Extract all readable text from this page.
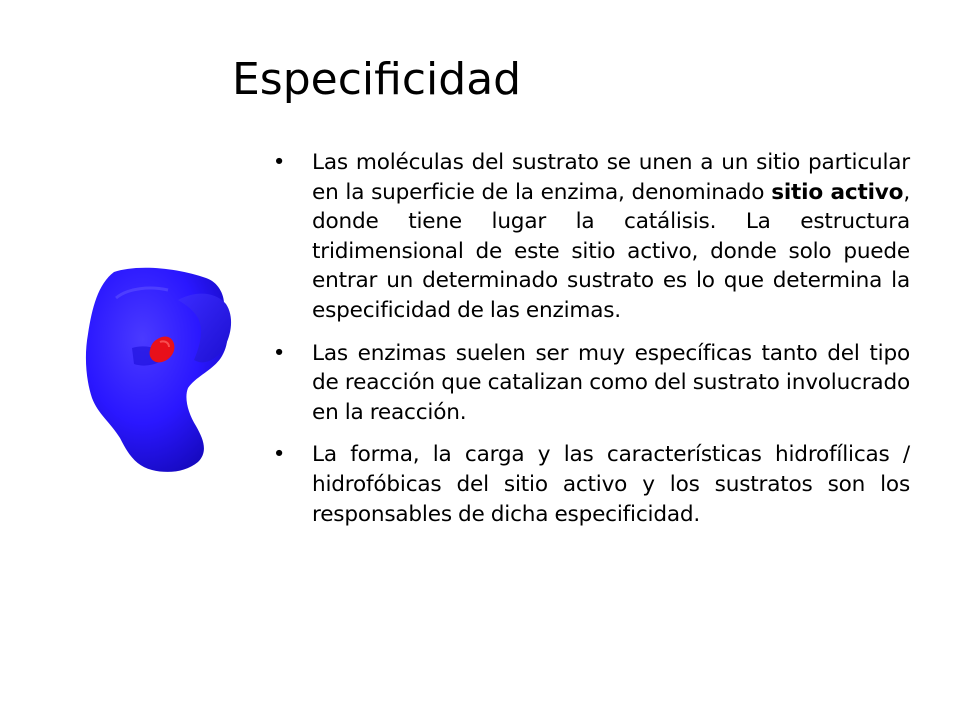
Especificidad
• Las moléculas del sustrato se unen a un sitio particular en la superficie de la enzima, denominado sitio activo, donde tiene lugar la catálisis. La estructura tridimensional de este sitio activo, donde solo puede entrar un determinado sustrato es lo que determina la especificidad de las enzimas.
• Las enzimas suelen ser muy específicas tanto del tipo de reacción que catalizan como del sustrato involucrado en la reacción.
• La forma, la carga y las características hidrofílicas / hidrofóbicas del sitio activo y los sustratos son los responsables de dicha especificidad.
